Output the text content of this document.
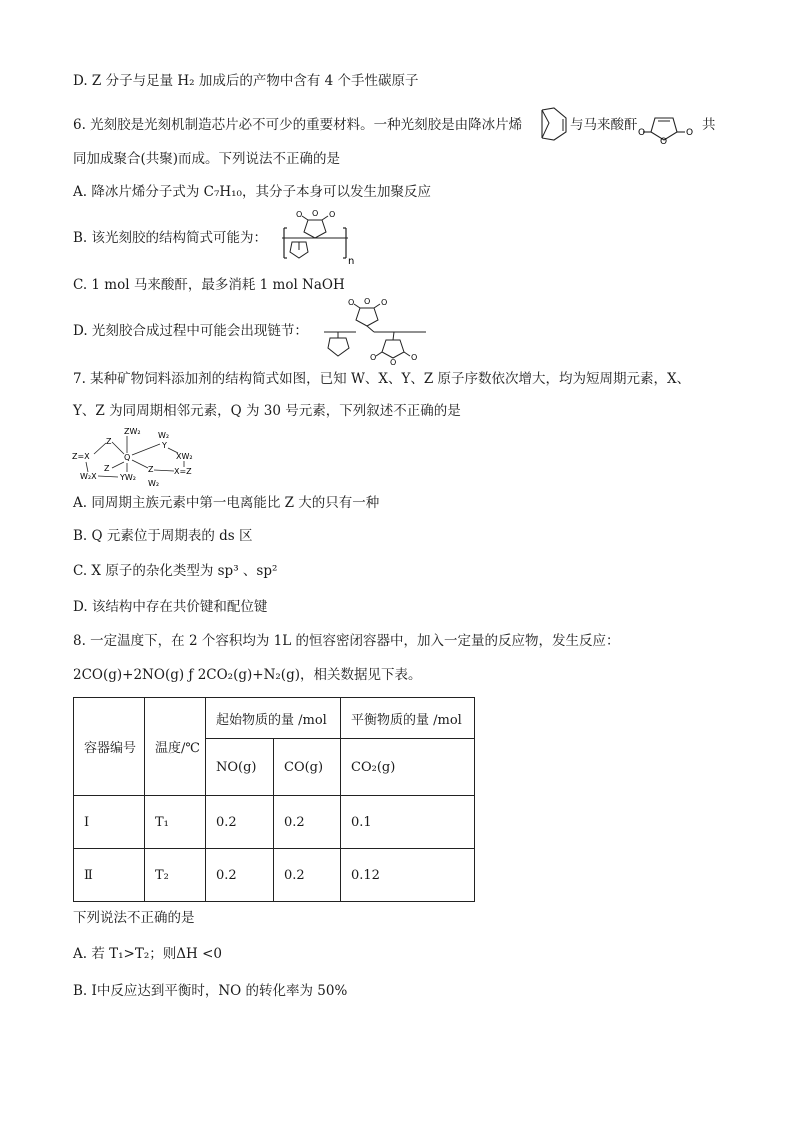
D. Z 分子与足量 H₂ 加成后的产物中含有 4 个手性碳原子
6. 光刻胶是光刻机制造芯片必不可少的重要材料。一种光刻胶是由降冰片烯	与马来酸酐 O
O
O 共
同加成聚合(共聚)而成。下列说法不正确的是
A. 降冰片烯分子式为 C₇H₁₀，其分子本身可以发生加聚反应
B. 该光刻胶的结构简式可能为：
O O O
n
C. 1 mol 马来酸酐，最多消耗 1 mol NaOH
D. 光刻胶合成过程中可能会出现链节：
O O O
O
O
O
7. 某种矿物饲料添加剂的结构简式如图，已知 W、X、Y、Z 原子序数依次增大，均为短周期元素，X、
Y、Z 为同周期相邻元素，Q 为 30 号元素，下列叙述不正确的是
ZW₂ W₂
Z	Y
Z=X	Q	XW₂
Z	X=Z
W₂X	YW₂
Z
W₂
A. 同周期主族元素中第一电离能比 Z 大的只有一种
B. Q 元素位于周期表的 ds 区
C. X 原子的杂化类型为 sp³ 、sp²
D. 该结构中存在共价键和配位键
8. 一定温度下，在 2 个容积均为 1L 的恒容密闭容器中，加入一定量的反应物，发生反应：
2CO(g)+2NO(g) ƒ 2CO₂(g)+N₂(g)，相关数据见下表。
容器编号	温度/℃	起始物质的量 /mol		平衡物质的量 /mol
		NO(g)	CO(g)	CO₂(g)
Ⅰ	T₁	0.2	0.2	0.1
Ⅱ	T₂	0.2	0.2	0.12
下列说法不正确的是
A. 若 T₁>T₂；则ΔH <0
B. Ⅰ中反应达到平衡时，NO 的转化率为 50%
